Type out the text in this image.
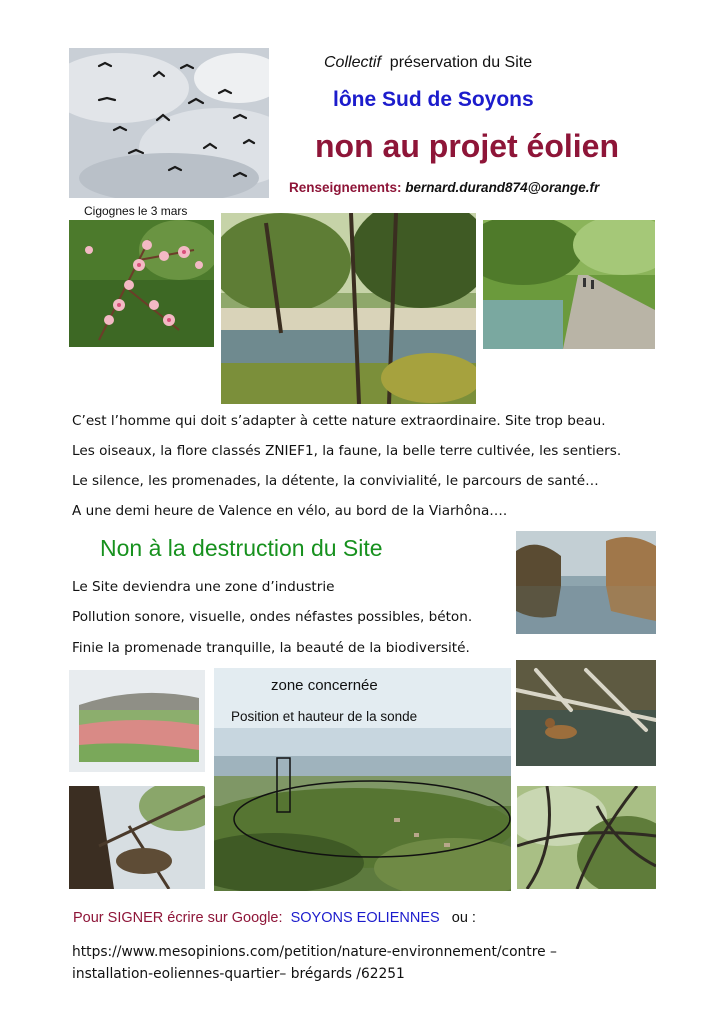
Collectif préservation du Site
lône Sud de Soyons
non au projet éolien
Renseignements: bernard.durand874@orange.fr
Cigognes le 3 mars
C’est l’homme qui doit s’adapter à cette nature extraordinaire. Site trop beau.
Les oiseaux, la flore classés ZNIEF1, la faune, la belle terre cultivée, les sentiers.
Le silence, les promenades, la détente, la convivialité, le parcours de santé…
A une demi heure de Valence en vélo, au bord de la Viarhôna….
Non à la destruction du Site
Le Site deviendra une zone d’industrie
Pollution sonore, visuelle, ondes néfastes possibles, béton.
Finie la promenade tranquille, la beauté de la biodiversité.
zone concernée
Position et hauteur de la sonde
Pour SIGNER écrire sur Google: SOYONS EOLIENNES ou :
https://www.mesopinions.com/petition/nature-environnement/contre –
installation-eoliennes-quartier– brégards /62251
